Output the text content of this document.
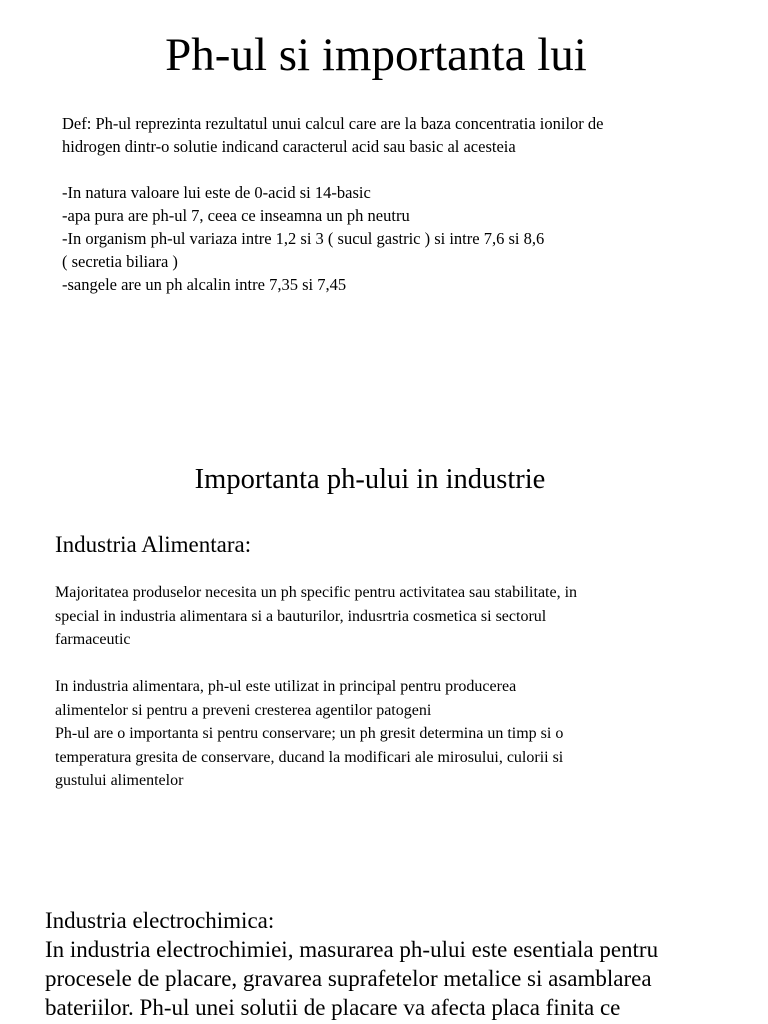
Ph-ul si importanta lui

Def: Ph-ul reprezinta rezultatul unui calcul care are la baza concentratia ionilor de

hidrogen dintr-o solutie indicand caracterul acid sau basic al acesteia

-In natura valoare lui este de 0-acid si 14-basic

-apa pura are ph-ul 7, ceea ce inseamna un ph neutru

-In organism ph-ul variaza intre 1,2 si 3 ( sucul gastric ) si intre 7,6 si 8,6

( secretia biliara )

-sangele are un ph alcalin intre 7,35 si 7,45

Importanta ph-ului in industrie
Industria Alimentara:

Majoritatea produselor necesita un ph specific pentru activitatea sau stabilitate, in

special in industria alimentara si a bauturilor, indusrtria cosmetica si sectorul

farmaceutic

In industria alimentara, ph-ul este utilizat in principal pentru producerea

alimentelor si pentru a preveni cresterea agentilor patogeni

Ph-ul are o importanta si pentru conservare; un ph gresit determina un timp si o

temperatura gresita de conservare, ducand la modificari ale mirosului, culorii si

gustului alimentelor

Industria electrochimica:

In industria electrochimiei, masurarea ph-ului este esentiala pentru

procesele de placare, gravarea suprafetelor metalice si asamblarea

bateriilor. Ph-ul unei solutii de placare va afecta placa finita ce
